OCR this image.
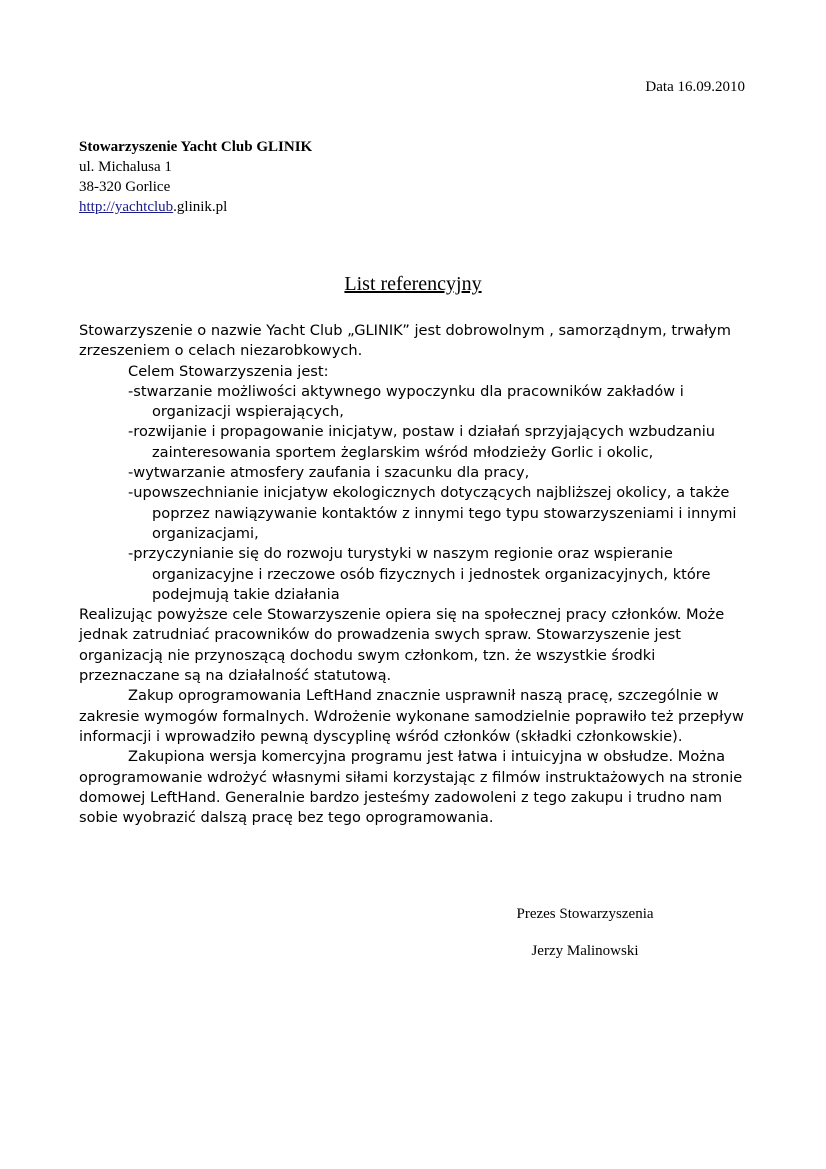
Data 16.09.2010
Stowarzyszenie Yacht Club GLINIK
ul. Michalusa 1
38-320 Gorlice
http://yachtclub.glinik.pl
List referencyjny

Stowarzyszenie o nazwie Yacht Club „GLINIK” jest dobrowolnym , samorządnym, trwałym

zrzeszeniem o celach niezarobkowych.

Celem Stowarzyszenia jest:

-stwarzanie możliwości aktywnego wypoczynku dla pracowników zakładów i

organizacji wspierających,

-rozwijanie i propagowanie inicjatyw, postaw i działań sprzyjających wzbudzaniu

zainteresowania sportem żeglarskim wśród młodzieży Gorlic i okolic,

-wytwarzanie atmosfery zaufania i szacunku dla pracy,

-upowszechnianie inicjatyw ekologicznych dotyczących najbliższej okolicy, a także

poprzez nawiązywanie kontaktów z innymi tego typu stowarzyszeniami i innymi

organizacjami,

-przyczynianie się do rozwoju turystyki w naszym regionie oraz wspieranie

organizacyjne i rzeczowe osób fizycznych i jednostek organizacyjnych, które

podejmują takie działania

Realizując powyższe cele Stowarzyszenie opiera się na społecznej pracy członków. Może

jednak zatrudniać pracowników do prowadzenia swych spraw. Stowarzyszenie jest

organizacją nie przynoszącą dochodu swym członkom, tzn. że wszystkie środki

przeznaczane są na działalność statutową.

Zakup oprogramowania LeftHand znacznie usprawnił naszą pracę, szczególnie w

zakresie wymogów formalnych. Wdrożenie wykonane samodzielnie poprawiło też przepływ

informacji i wprowadziło pewną dyscyplinę wśród członków (składki członkowskie).

Zakupiona wersja komercyjna programu jest łatwa i intuicyjna w obsłudze. Można

oprogramowanie wdrożyć własnymi siłami korzystając z filmów instruktażowych na stronie

domowej LeftHand. Generalnie bardzo jesteśmy zadowoleni z tego zakupu i trudno nam

sobie wyobrazić dalszą pracę bez tego oprogramowania.

Prezes Stowarzyszenia
Jerzy Malinowski
